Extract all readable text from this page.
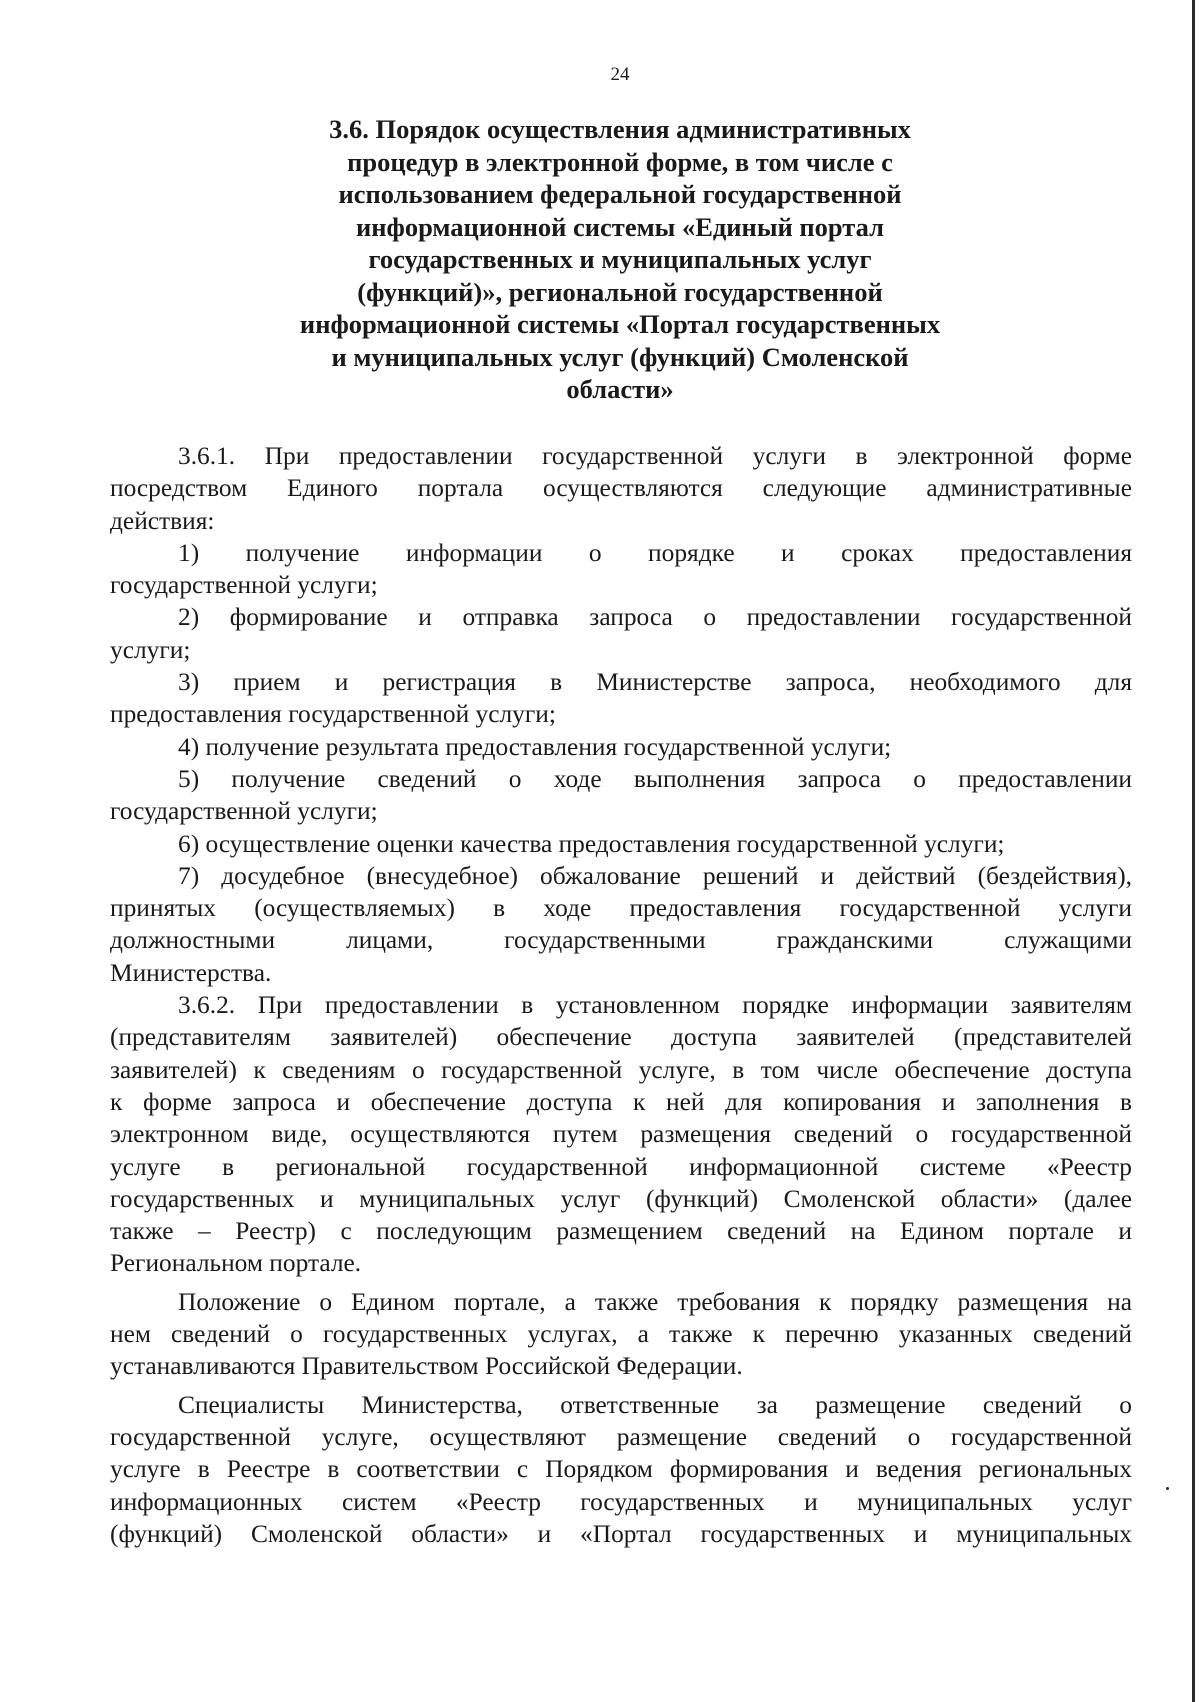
24
3.6. Порядок осуществления административных
процедур в электронной форме, в том числе с
использованием федеральной государственной
информационной системы «Единый портал
государственных и муниципальных услуг
(функций)», региональной государственной
информационной системы «Портал государственных
и муниципальных услуг (функций) Смоленской
области»
3.6.1. При предоставлении государственной услуги в электронной форме
посредством Единого портала осуществляются следующие административные
действия:
1) получение информации о порядке и сроках предоставления
государственной услуги;
2) формирование и отправка запроса о предоставлении государственной
услуги;
3) прием и регистрация в Министерстве запроса, необходимого для
предоставления государственной услуги;
4) получение результата предоставления государственной услуги;
5) получение сведений о ходе выполнения запроса о предоставлении
государственной услуги;
6) осуществление оценки качества предоставления государственной услуги;
7) досудебное (внесудебное) обжалование решений и действий (бездействия),
принятых (осуществляемых) в ходе предоставления государственной услуги
должностными лицами, государственными гражданскими служащими
Министерства.
3.6.2. При предоставлении в установленном порядке информации заявителям
(представителям заявителей) обеспечение доступа заявителей (представителей
заявителей) к сведениям о государственной услуге, в том числе обеспечение доступа
к форме запроса и обеспечение доступа к ней для копирования и заполнения в
электронном виде, осуществляются путем размещения сведений о государственной
услуге в региональной государственной информационной системе «Реестр
государственных и муниципальных услуг (функций) Смоленской области» (далее
также – Реестр) с последующим размещением сведений на Едином портале и
Региональном портале.
Положение о Едином портале, а также требования к порядку размещения на
нем сведений о государственных услугах, а также к перечню указанных сведений
устанавливаются Правительством Российской Федерации.
Специалисты Министерства, ответственные за размещение сведений о
государственной услуге, осуществляют размещение сведений о государственной
услуге в Реестре в соответствии с Порядком формирования и ведения региональных
информационных систем «Реестр государственных и муниципальных услуг
(функций) Смоленской области» и «Портал государственных и муниципальных
